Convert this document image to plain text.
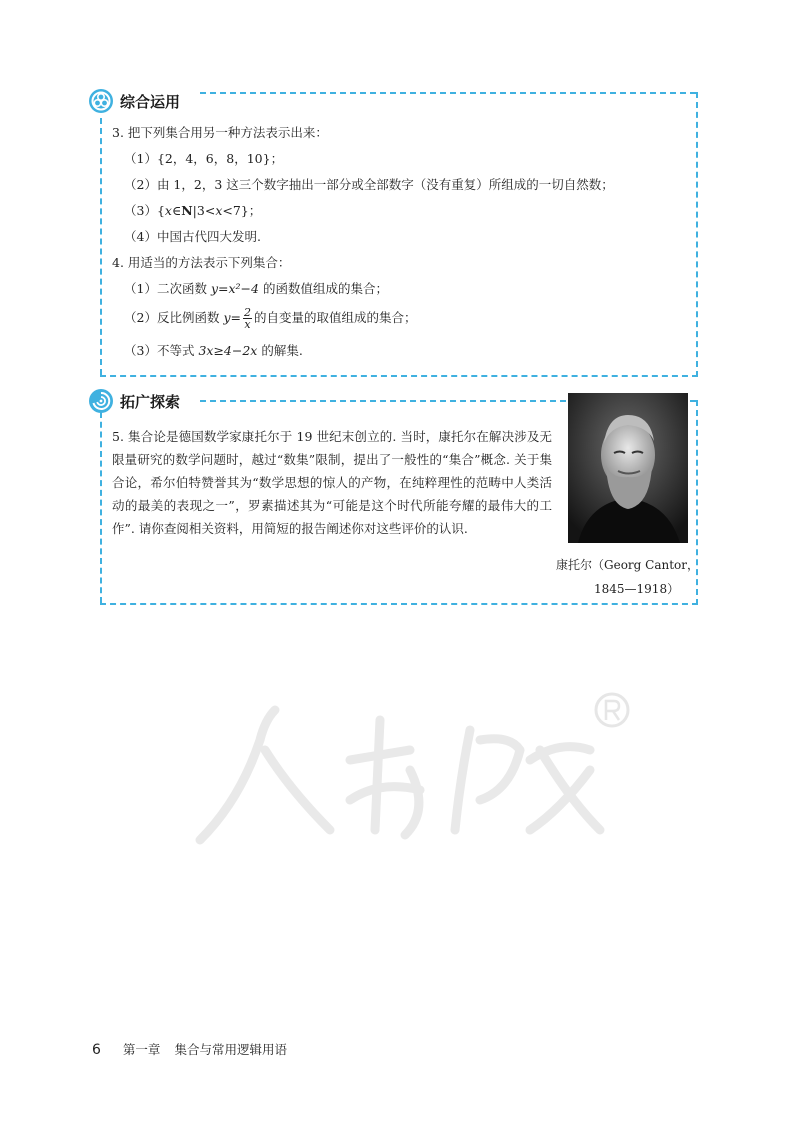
综合运用
3. 把下列集合用另一种方法表示出来：
（1）{2，4，6，8，10}；
（2）由 1，2，3 这三个数字抽出一部分或全部数字（没有重复）所组成的一切自然数；
（3）{x∈N|3<x<7}；
（4）中国古代四大发明.
4. 用适当的方法表示下列集合：
（1）二次函数 y=x²−4 的函数值组成的集合；
（2）反比例函数 $y= \frac{2}{x}$ 的自变量的取值组成的集合；
（3）不等式 3x≥4−2x 的解集.
拓广探索
5. 集合论是德国数学家康托尔于 19 世纪末创立的. 当时，康托尔在解决涉及无限量研究的数学问题时，越过“数集”限制，提出了一般性的“集合”概念. 关于集合论，希尔伯特赞誉其为“数学思想的惊人的产物，在纯粹理性的范畴中人类活动的最美的表现之一”，罗素描述其为“可能是这个时代所能夸耀的最伟大的工作”. 请你查阅相关资料，用简短的报告阐述你对这些评价的认识.
康托尔（Georg Cantor，
1845—1918）
6 第一章 集合与常用逻辑用语
